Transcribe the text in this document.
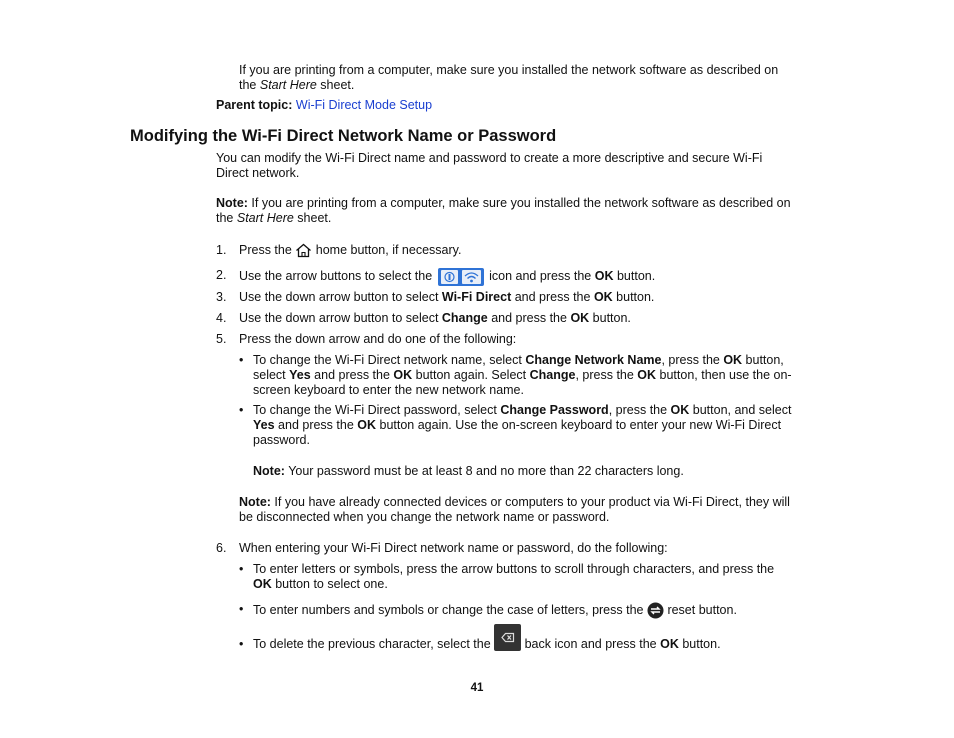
If you are printing from a computer, make sure you installed the network software as described on
the Start Here sheet.
Parent topic: Wi-Fi Direct Mode Setup
Modifying the Wi-Fi Direct Network Name or Password
You can modify the Wi-Fi Direct name and password to create a more descriptive and secure Wi-Fi
Direct network.
Note: If you are printing from a computer, make sure you installed the network software as described on
the Start Here sheet.
1. Press the  home button, if necessary.
2. Use the arrow buttons to select the	icon and press the OK button.
3. Use the down arrow button to select Wi-Fi Direct and press the OK button.
4. Use the down arrow button to select Change and press the OK button.
5. Press the down arrow and do one of the following:
• To change the Wi-Fi Direct network name, select Change Network Name, press the OK button,
select Yes and press the OK button again. Select Change, press the OK button, then use the on-
screen keyboard to enter the new network name.
• To change the Wi-Fi Direct password, select Change Password, press the OK button, and select
Yes and press the OK button again. Use the on-screen keyboard to enter your new Wi-Fi Direct
password.
Note: Your password must be at least 8 and no more than 22 characters long.
Note: If you have already connected devices or computers to your product via Wi-Fi Direct, they will
be disconnected when you change the network name or password.
6. When entering your Wi-Fi Direct network name or password, do the following:
• To enter letters or symbols, press the arrow buttons to scroll through characters, and press the
OK button to select one.
• To enter numbers and symbols or change the case of letters, press the  reset button.
• To delete the previous character, select the
back icon and press the OK button.
41
